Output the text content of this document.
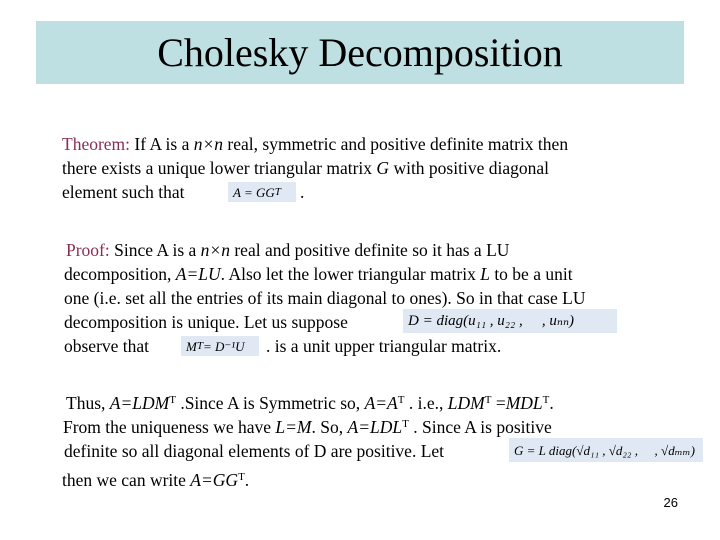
Cholesky Decomposition
Theorem: If A is a n×n real, symmetric and positive definite matrix then
there exists a unique lower triangular matrix G with positive diagonal
element such that	A = GG T .
Proof: Since A is a n×n real and positive definite so it has a LU
decomposition, A=LU. Also let the lower triangular matrix L to be a unit
one (i.e. set all the entries of its main diagonal to ones). So in that case LU
decomposition is unique. Let us suppose	D = diag(u₁₁ , u₂₂ , ⃞ , uₙₙ)
observe that	M T = D⁻¹U . is a unit upper triangular matrix.
Thus, $A=LDM^T$ .Since A is Symmetric so, $A=A^T$ . i.e., $LDM^T =MDL^T$.
From the uniqueness we have L=M. So, $A=LDL^T$ . Since A is positive
definite so all diagonal elements of D are positive. Let	G = L diag(√d₁₁ , √d₂₂ , ⃞ , √dₘₘ)
then we can write $A=GG^T$.
26
